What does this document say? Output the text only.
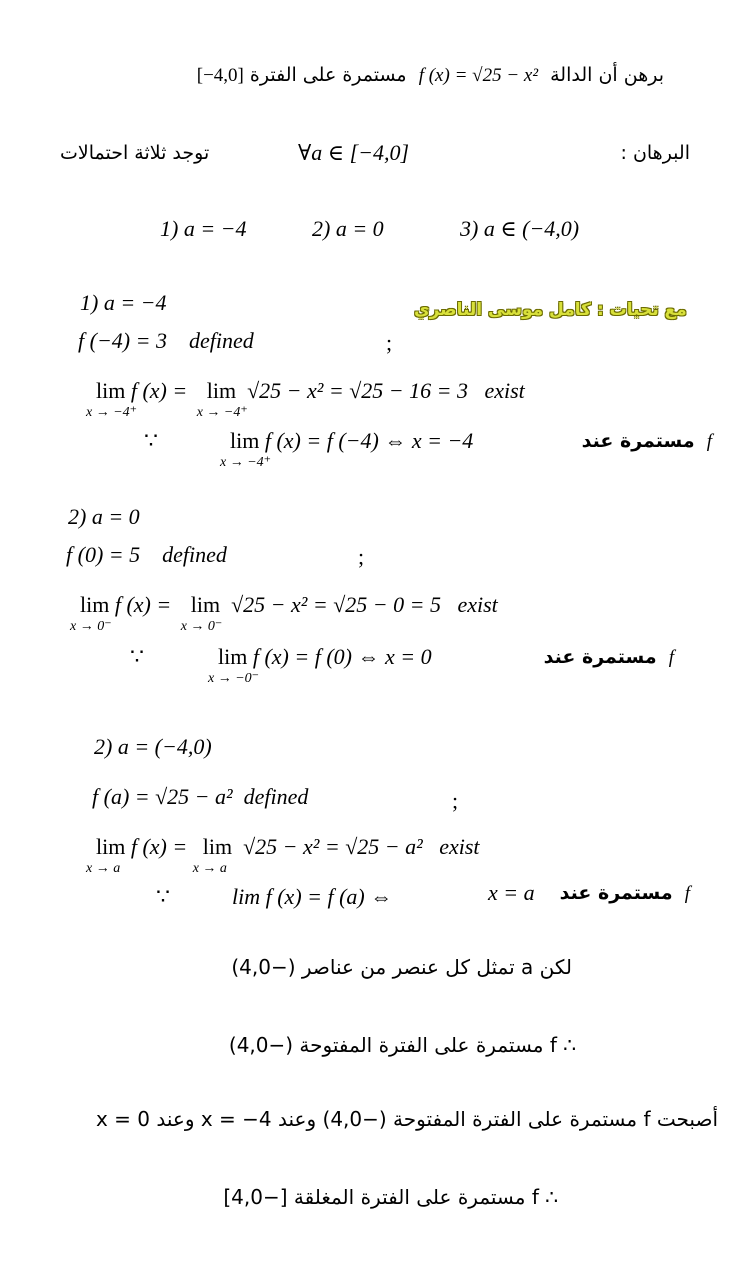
برهن أن الدالة  f (x) = √25 − x²  مستمرة على الفترة [−4,0]
البرهان :
∀a ∈ [−4,0]
توجد ثلاثة احتمالات
1) a = −4	2) a = 0	3) a ∈ (−4,0)
مع تحيات : كامل موسى الناصري
1) a = −4
f (−4) = 3 defined	;
lim
x → −4⁺
f (x) = lim
x → −4⁺
√25 − x² = √25 − 16 = 3 exist
∵	lim
x → −4⁺
f (x) = f (−4) ⇔ x = −4	f  مستمرة عند
2) a = 0
f (0) = 5 defined	;
lim
x → 0⁻
f (x) = lim
x → 0⁻
√25 − x² = √25 − 0 = 5 exist
∵	lim
x → −0⁻
f (x) = f (0) ⇔ x = 0	f  مستمرة عند
2) a = (−4,0)
f (a) = √25 − a² defined	;
lim
x → a
f (x) = lim
x → a
√25 − x² = √25 − a² exist
∵	lim f (x) = f (a) ⇔	x = a	f  مستمرة عند
لكن a تمثل كل عنصر من عناصر (−4,0)
∴ f مستمرة على الفترة المفتوحة (−4,0)
أصبحت f مستمرة على الفترة المفتوحة (−4,0) وعند x = −4 وعند x = 0
∴ f مستمرة على الفترة المغلقة [−4,0]
